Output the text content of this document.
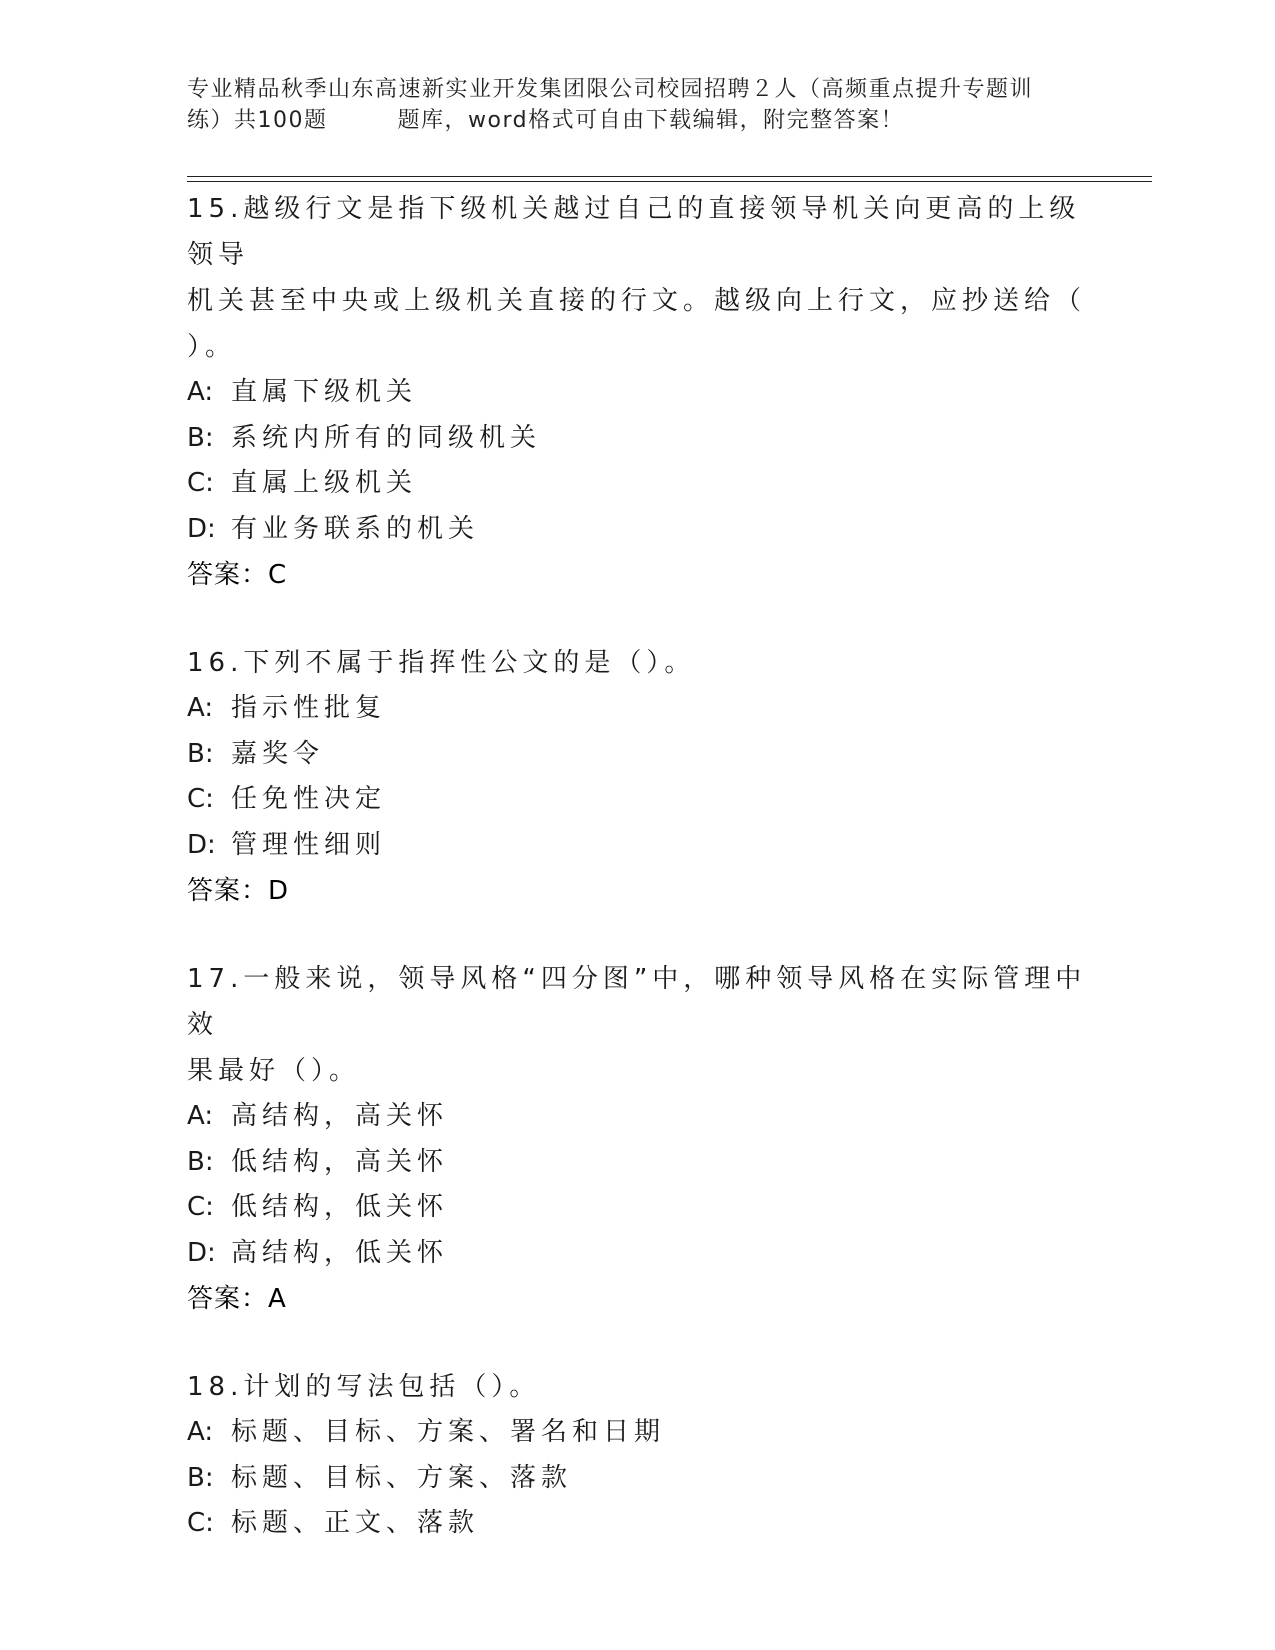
专业精品秋季山东高速新实业开发集团限公司校园招聘２人（高频重点提升专题训
练）共100题	题库，word格式可自由下载编辑，附完整答案！
15.越级行文是指下级机关越过自己的直接领导机关向更高的上级领导
机关甚至中央或上级机关直接的行文。越级向上行文，应抄送给（
）。
A: 直属下级机关
B: 系统内所有的同级机关
C: 直属上级机关
D: 有业务联系的机关
答案：C
16.下列不属于指挥性公文的是（）。
A: 指示性批复
B: 嘉奖令
C: 任免性决定
D: 管理性细则
答案：D
17.一般来说，领导风格“四分图”中，哪种领导风格在实际管理中效
果最好（）。
A: 高结构，高关怀
B: 低结构，高关怀
C: 低结构，低关怀
D: 高结构，低关怀
答案：A
18.计划的写法包括（）。
A: 标题、目标、方案、署名和日期
B: 标题、目标、方案、落款
C: 标题、正文、落款
